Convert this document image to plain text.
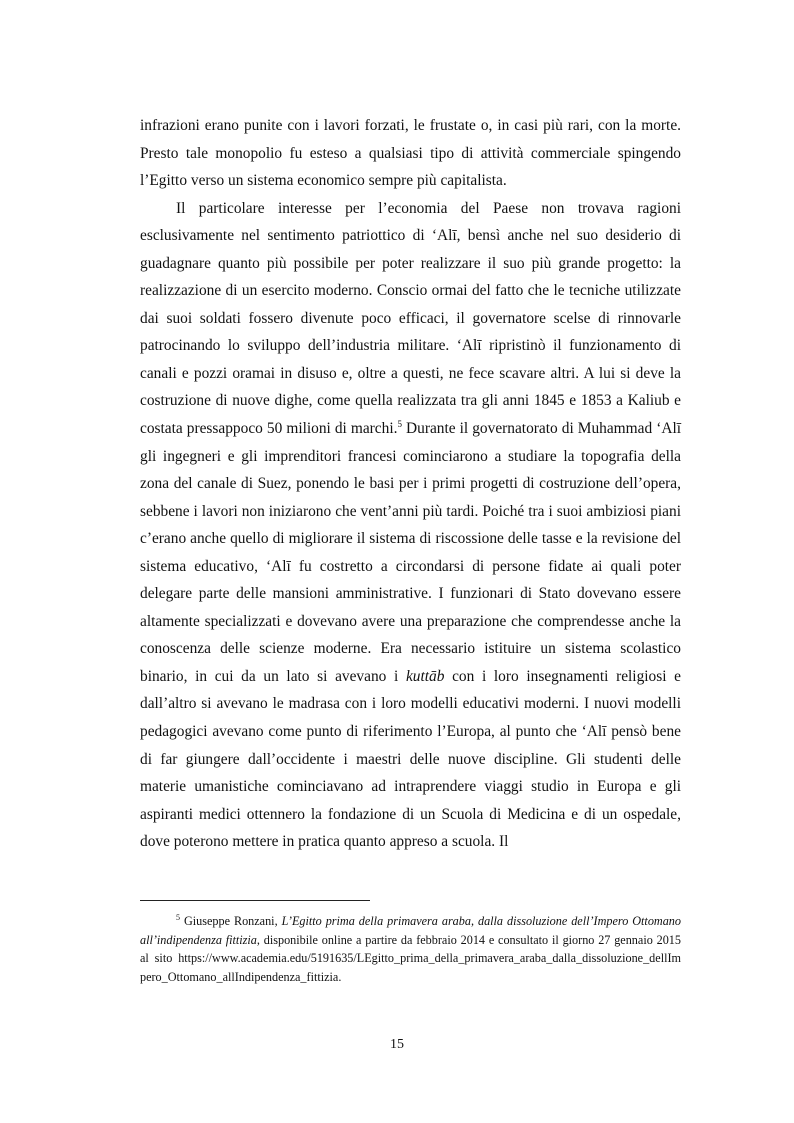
infrazioni erano punite con i lavori forzati, le frustate o, in casi più rari, con la morte. Presto tale monopolio fu esteso a qualsiasi tipo di attività commerciale spingendo l’Egitto verso un sistema economico sempre più capitalista.

Il particolare interesse per l’economia del Paese non trovava ragioni esclusivamente nel sentimento patriottico di ‘Alī, bensì anche nel suo desiderio di guadagnare quanto più possibile per poter realizzare il suo più grande progetto: la realizzazione di un esercito moderno. Conscio ormai del fatto che le tecniche utilizzate dai suoi soldati fossero divenute poco efficaci, il governatore scelse di rinnovarle patrocinando lo sviluppo dell’industria militare. ‘Alī ripristinò il funzionamento di canali e pozzi oramai in disuso e, oltre a questi, ne fece scavare altri. A lui si deve la costruzione di nuove dighe, come quella realizzata tra gli anni 1845 e 1853 a Kaliub e costata pressappoco 50 milioni di marchi.$^5$ Durante il governatorato di Muhammad ‘Alī gli ingegneri e gli imprenditori francesi cominciarono a studiare la topografia della zona del canale di Suez, ponendo le basi per i primi progetti di costruzione dell’opera, sebbene i lavori non iniziarono che vent’anni più tardi. Poiché tra i suoi ambiziosi piani c’erano anche quello di migliorare il sistema di riscossione delle tasse e la revisione del sistema educativo, ‘Alī fu costretto a circondarsi di persone fidate ai quali poter delegare parte delle mansioni amministrative. I funzionari di Stato dovevano essere altamente specializzati e dovevano avere una preparazione che comprendesse anche la conoscenza delle scienze moderne. Era necessario istituire un sistema scolastico binario, in cui da un lato si avevano i kuttāb con i loro insegnamenti religiosi e dall’altro si avevano le madrasa con i loro modelli educativi moderni. I nuovi modelli pedagogici avevano come punto di riferimento l’Europa, al punto che ‘Alī pensò bene di far giungere dall’occidente i maestri delle nuove discipline. Gli studenti delle materie umanistiche cominciavano ad intraprendere viaggi studio in Europa e gli aspiranti medici ottennero la fondazione di un Scuola di Medicina e di un ospedale, dove poterono mettere in pratica quanto appreso a scuola. Il

$^5$ Giuseppe Ronzani, L’Egitto prima della primavera araba, dalla dissoluzione dell’Impero Ottomano all’indipendenza fittizia, disponibile online a partire da febbraio 2014 e consultato il giorno 27 gennaio 2015 al sito https://www.academia.edu/5191635/LEgitto_prima_della_primavera_araba_dalla_dissoluzione_dellImpero_Ottomano_allIndipendenza_fittizia.
15
